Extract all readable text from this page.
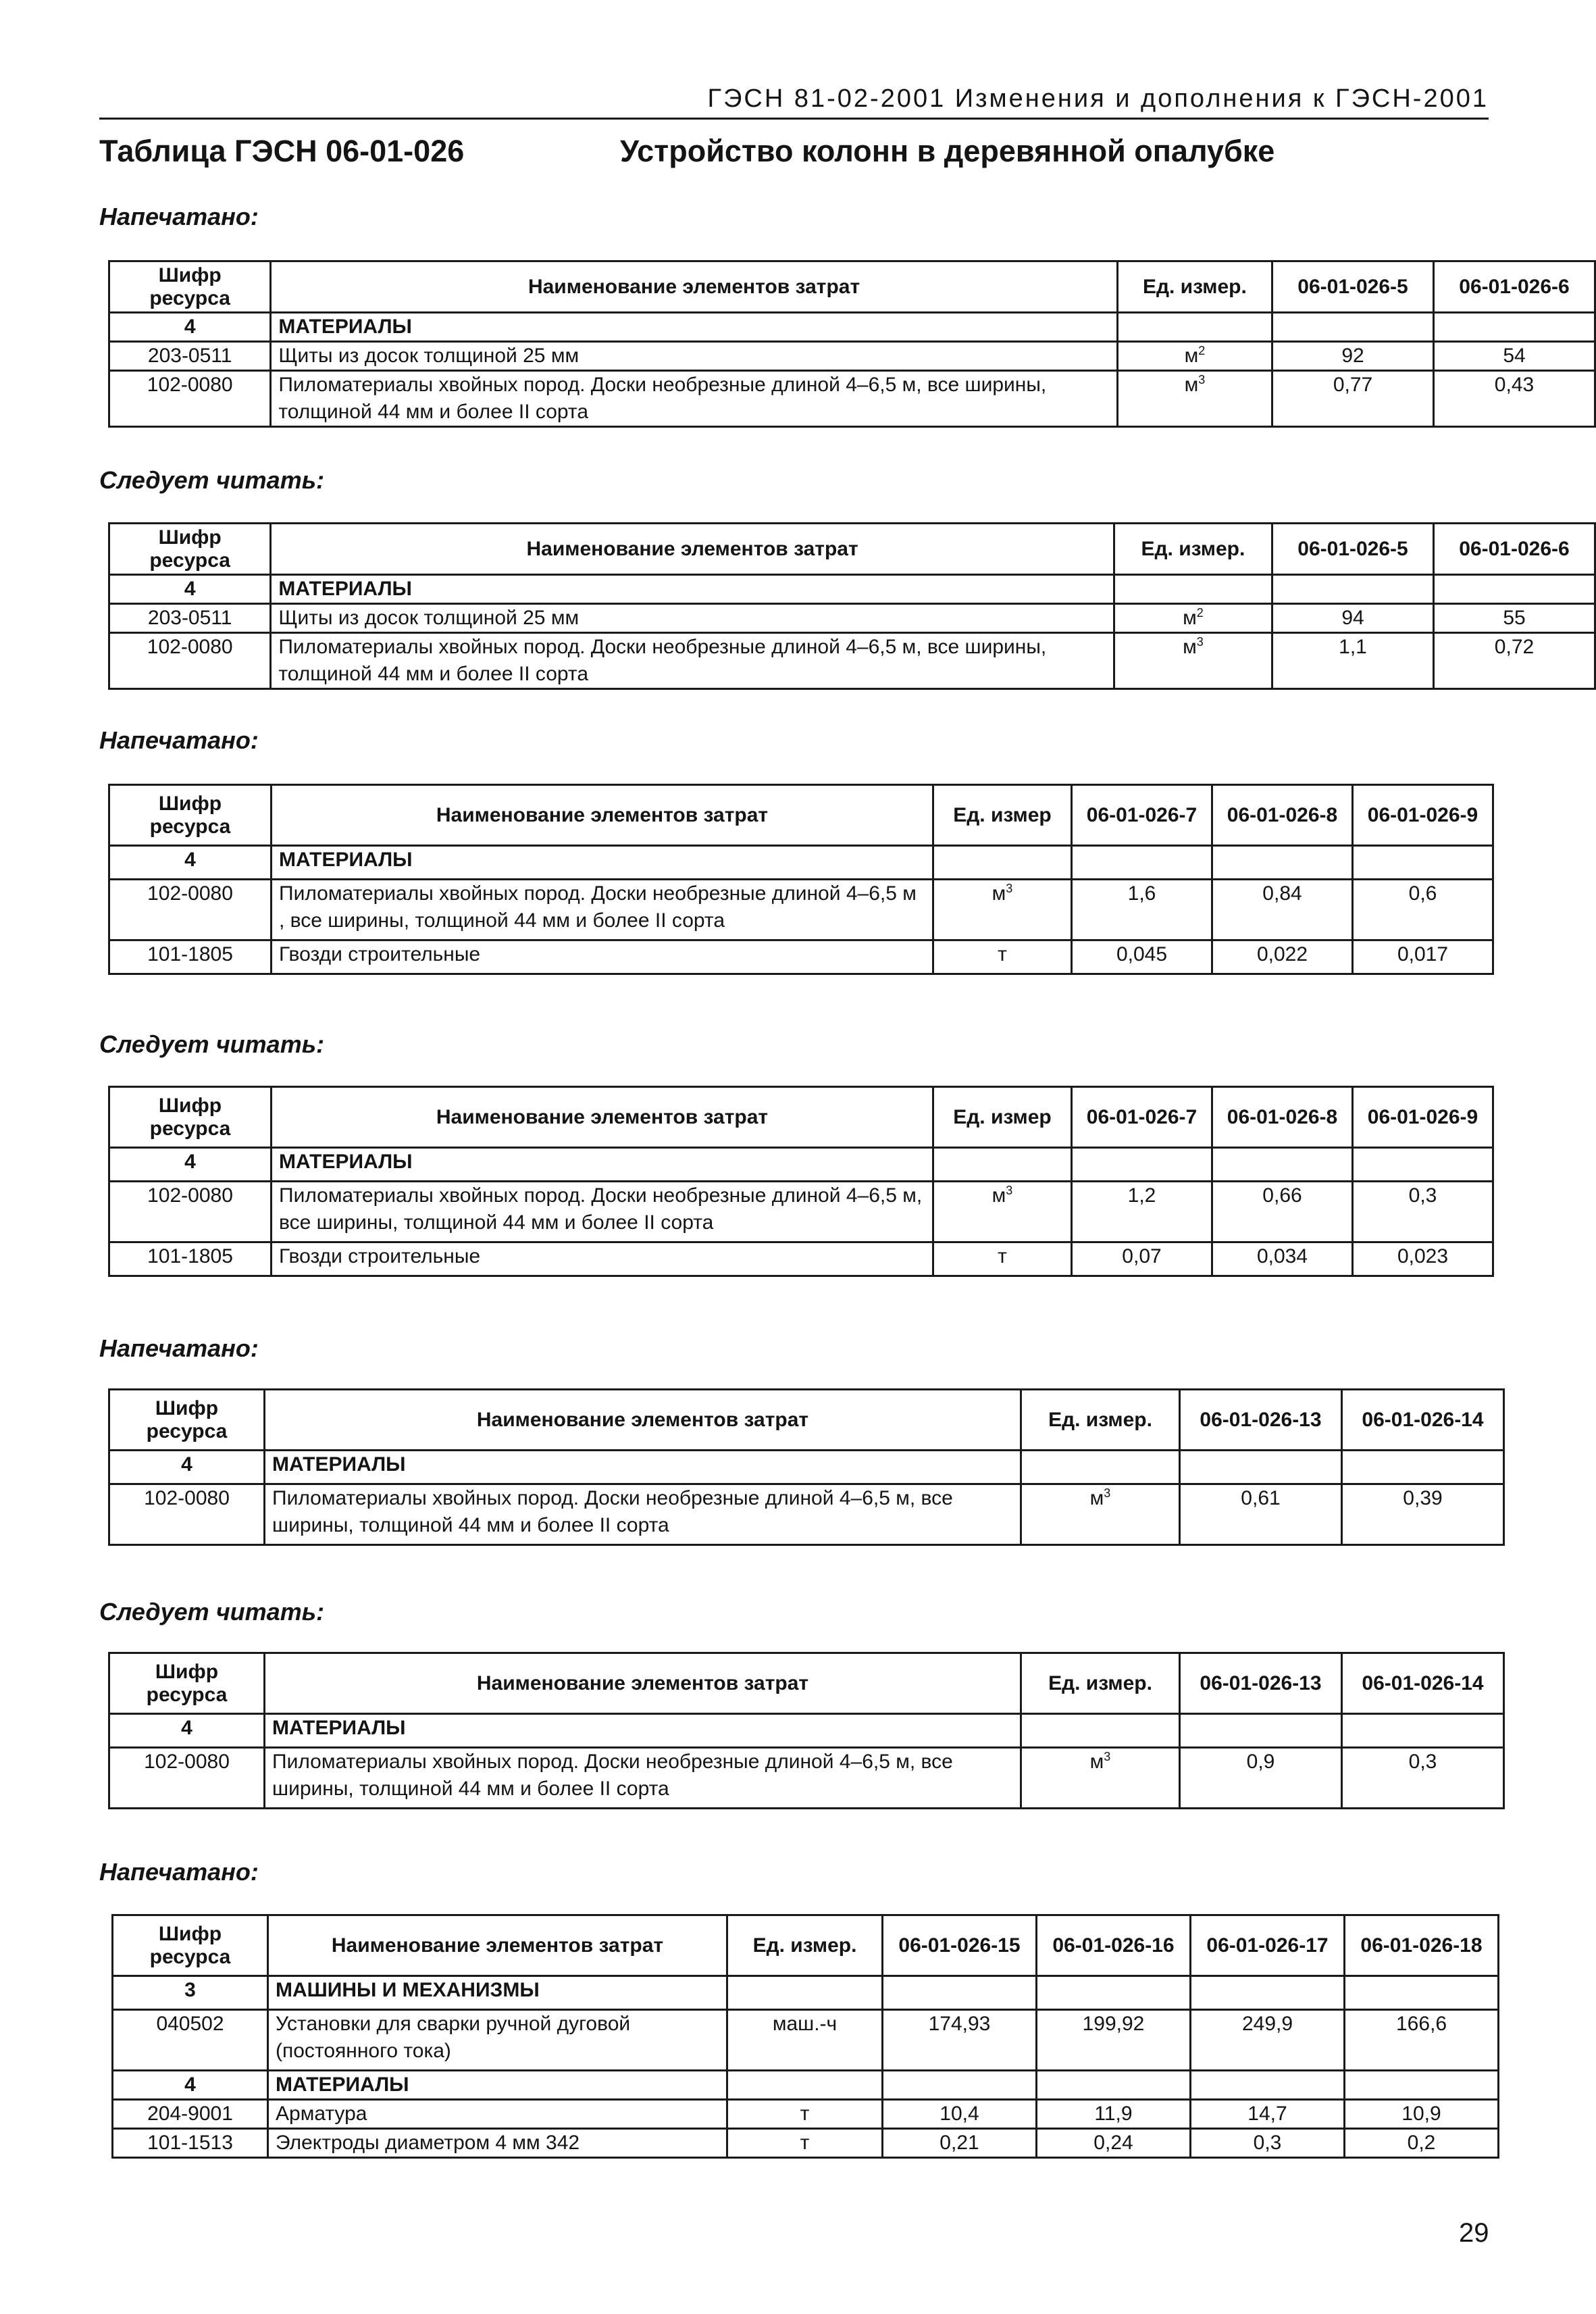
ГЭСН 81-02-2001 Изменения и дополнения к ГЭСН-2001
Таблица ГЭСН 06-01-026	Устройство колонн в деревянной опалубке
Напечатано:
Шифр
ресурса	Наименование элементов затрат	Ед. измер.	06-01-026-5	06-01-026-6
4	МАТЕРИАЛЫ			
203-0511	Щиты из досок толщиной 25 мм	$м^2$	92	54
102-0080	Пиломатериалы хвойных пород. Доски необрезные длиной 4–6,5 м, все ширины, толщиной 44 мм и более II сорта	$м^3$	0,77	0,43
Следует читать:
Шифр
ресурса	Наименование элементов затрат	Ед. измер.	06-01-026-5	06-01-026-6
4	МАТЕРИАЛЫ			
203-0511	Щиты из досок толщиной 25 мм	$м^2$	94	55
102-0080	Пиломатериалы хвойных пород. Доски необрезные длиной 4–6,5 м, все ширины, толщиной 44 мм и более II сорта	$м^3$	1,1	0,72
Напечатано:
Шифр
ресурса	Наименование элементов затрат	Ед. измер	06-01-026-7	06-01-026-8	06-01-026-9
4	МАТЕРИАЛЫ				
102-0080	Пиломатериалы хвойных пород. Доски необрезные длиной 4–6,5 м , все ширины, толщиной 44 мм и более II сорта	$м^3$	1,6	0,84	0,6
101-1805	Гвозди строительные	т	0,045	0,022	0,017
Следует читать:
Шифр
ресурса	Наименование элементов затрат	Ед. измер	06-01-026-7	06-01-026-8	06-01-026-9
4	МАТЕРИАЛЫ				
102-0080	Пиломатериалы хвойных пород. Доски необрезные длиной 4–6,5 м, все ширины, толщиной 44 мм и более II сорта	$м^3$	1,2	0,66	0,3
101-1805	Гвозди строительные	т	0,07	0,034	0,023
Напечатано:
Шифр
ресурса	Наименование элементов затрат	Ед. измер.	06-01-026-13	06-01-026-14
4	МАТЕРИАЛЫ			
102-0080	Пиломатериалы хвойных пород. Доски необрезные длиной 4–6,5 м, все ширины, толщиной 44 мм и более II сорта	$м^3$	0,61	0,39
Следует читать:
Шифр
ресурса	Наименование элементов затрат	Ед. измер.	06-01-026-13	06-01-026-14
4	МАТЕРИАЛЫ			
102-0080	Пиломатериалы хвойных пород. Доски необрезные длиной 4–6,5 м, все ширины, толщиной 44 мм и более II сорта	$м^3$	0,9	0,3
Напечатано:
Шифр
ресурса	Наименование элементов затрат	Ед. измер.	06-01-026-15	06-01-026-16	06-01-026-17	06-01-026-18
3	МАШИНЫ И МЕХАНИЗМЫ					
040502	Установки для сварки ручной дуговой (постоянного тока)	маш.-ч	174,93	199,92	249,9	166,6
4	МАТЕРИАЛЫ					
204-9001	Арматура	т	10,4	11,9	14,7	10,9
101-1513	Электроды диаметром 4 мм 342	т	0,21	0,24	0,3	0,2
29
